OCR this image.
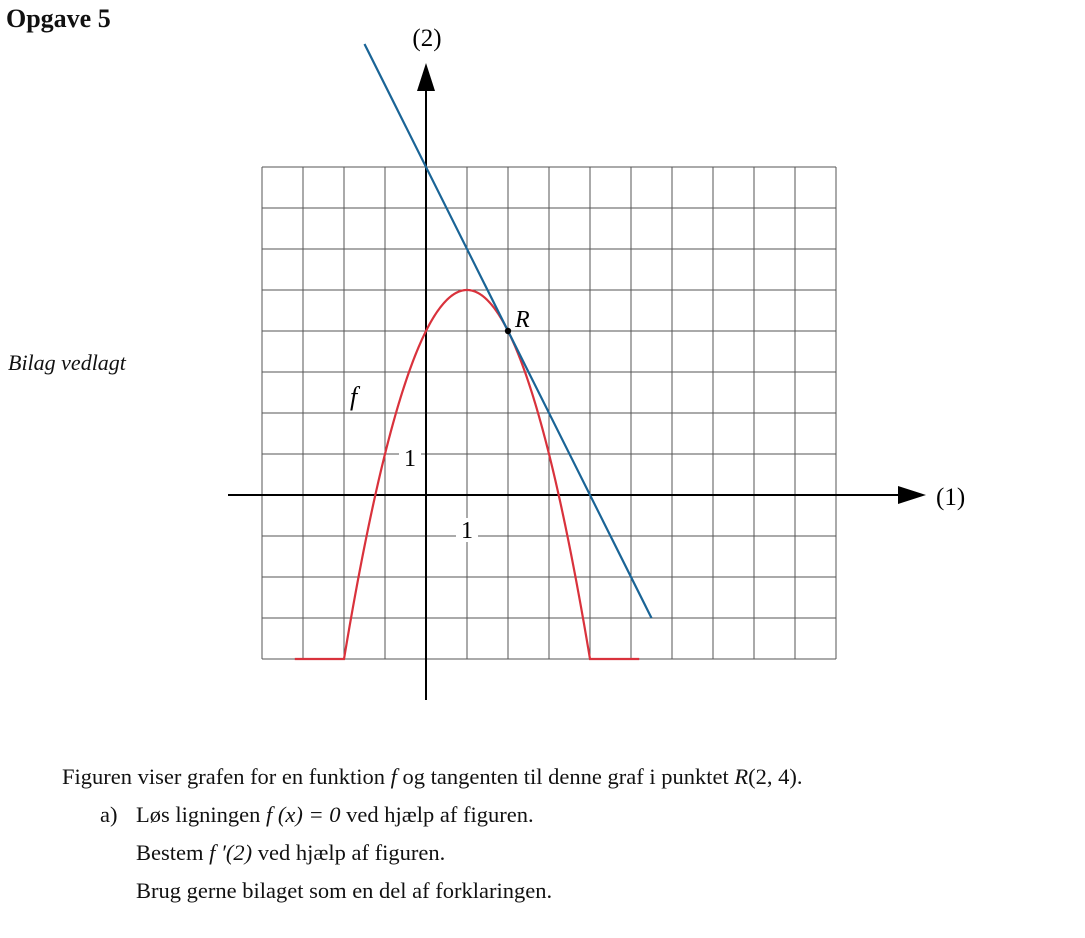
Opgave 5
Bilag vedlagt
(2)
(1)
1
1
f
R
Figuren viser grafen for en funktion f og tangenten til denne graf i punktet R(2, 4).
a) Løs ligningen f (x) = 0 ved hjælp af figuren.
Bestem f ′(2) ved hjælp af figuren.
Brug gerne bilaget som en del af forklaringen.
